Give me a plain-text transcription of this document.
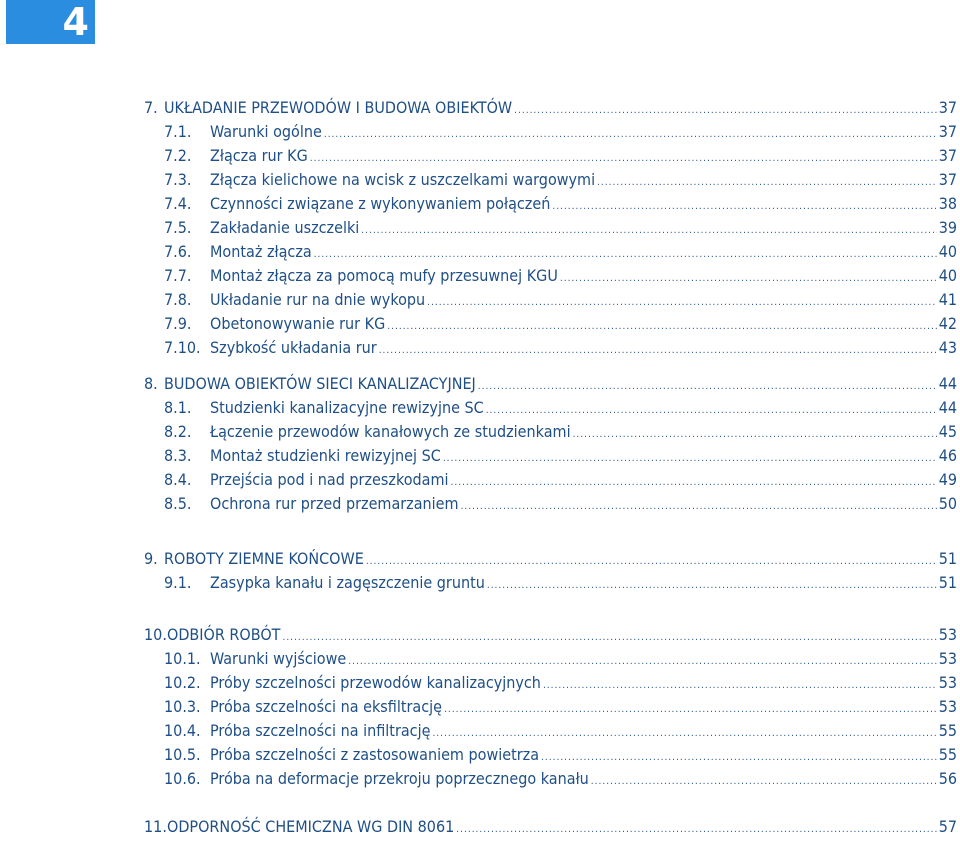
4
7. UKŁADANIE PRZEWODÓW I BUDOWA OBIEKTÓW .....	37
7.1. Warunki ogólne .....	37
7.2. Złącza rur KG .....	37
7.3. Złącza kielichowe na wcisk z uszczelkami wargowymi .....	37
7.4. Czynności związane z wykonywaniem połączeń .....	38
7.5. Zakładanie uszczelki .....	39
7.6. Montaż złącza .....	40
7.7. Montaż złącza za pomocą mufy przesuwnej KGU .....	40
7.8. Układanie rur na dnie wykopu .....	41
7.9. Obetonowywanie rur KG .....	42
7.10. Szybkość układania rur .....	43
8. BUDOWA OBIEKTÓW SIECI KANALIZACYJNEJ .....	44
8.1. Studzienki kanalizacyjne rewizyjne SC .....	44
8.2. Łączenie przewodów kanałowych ze studzienkami .....	45
8.3. Montaż studzienki rewizyjnej SC .....	46
8.4. Przejścia pod i nad przeszkodami .....	49
8.5. Ochrona rur przed przemarzaniem .....	50
9. ROBOTY ZIEMNE KOŃCOWE .....	51
9.1. Zasypka kanału i zagęszczenie gruntu .....	51
10. ODBIÓR ROBÓT .....	53
10.1. Warunki wyjściowe .....	53
10.2. Próby szczelności przewodów kanalizacyjnych .....	53
10.3. Próba szczelności na eksfiltrację .....	53
10.4. Próba szczelności na infiltrację .....	55
10.5. Próba szczelności z zastosowaniem powietrza .....	55
10.6. Próba na deformacje przekroju poprzecznego kanału .....	56
11. ODPORNOŚĆ CHEMICZNA WG DIN 8061 .....	57
